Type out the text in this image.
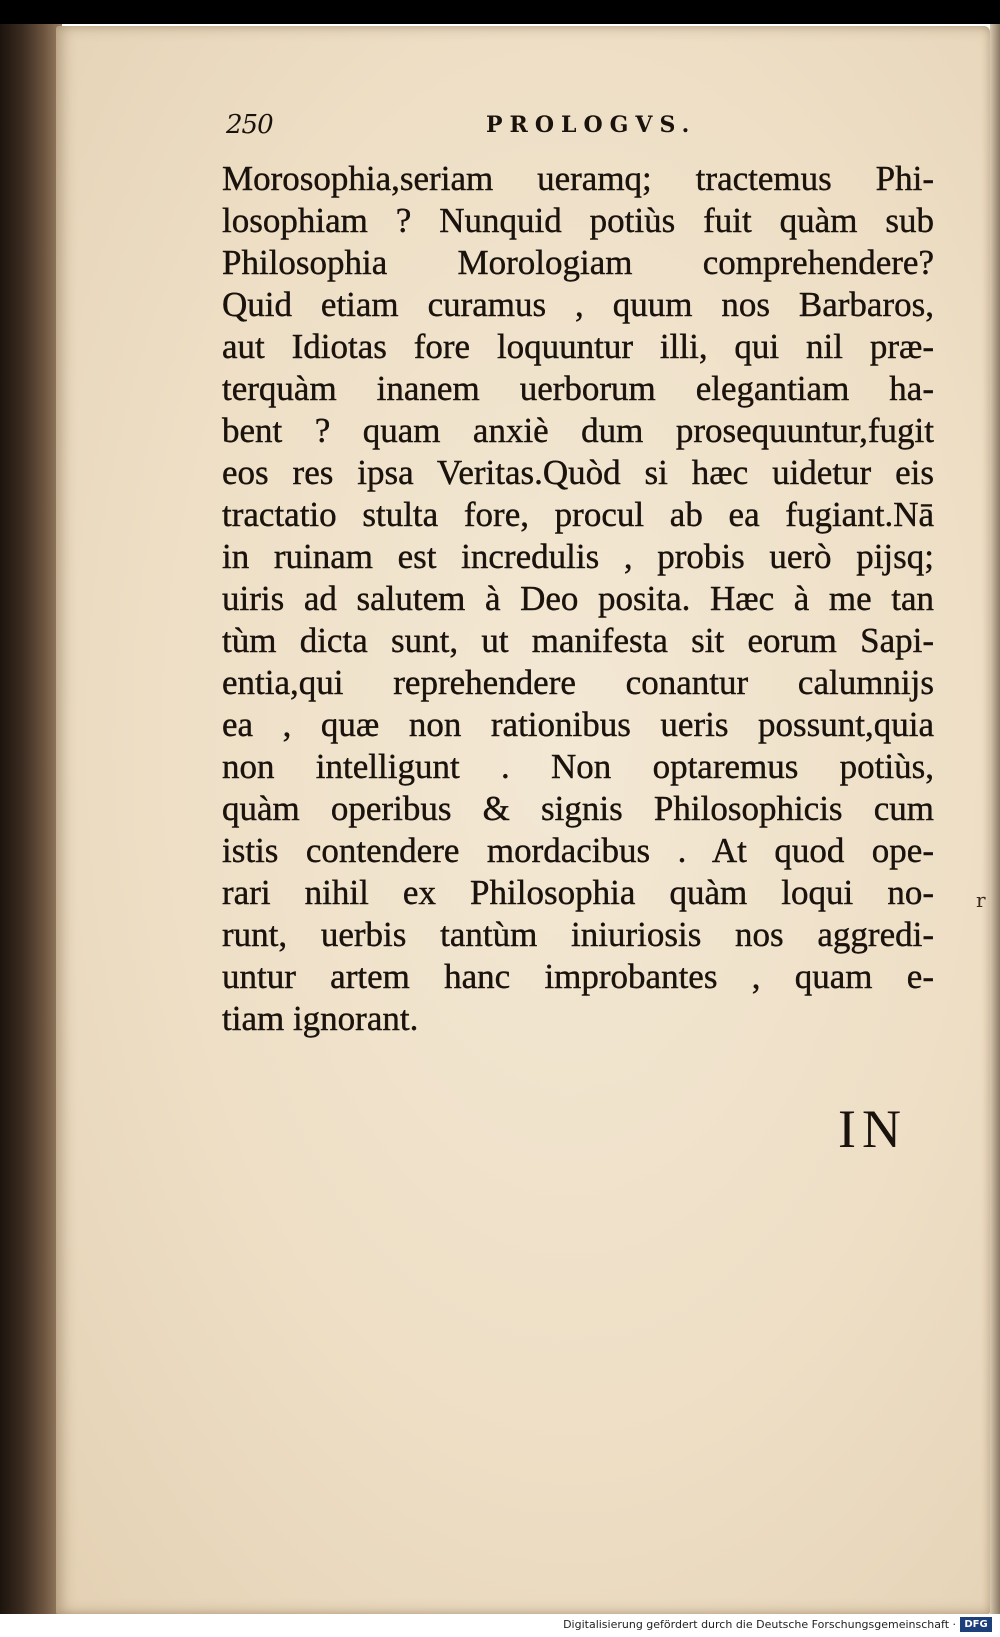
250	PROLOGVS.
Morosophia,seriam ueramq; tractemus Phi-
losophiam ? Nunquid potiùs fuit quàm sub
Philosophia Morologiam comprehendere?
Quid etiam curamus , quum nos Barbaros,
aut Idiotas fore loquuntur illi, qui nil præ-
terquàm inanem uerborum elegantiam ha-
bent ? quam anxiè dum prosequuntur,fugit
eos res ipsa Veritas.Quòd si hæc uidetur eis
tractatio stulta fore, procul ab ea fugiant.Nā
in ruinam est incredulis , probis uerò pijsq;
uiris ad salutem à Deo posita. Hæc à me tan
tùm dicta sunt, ut manifesta sit eorum Sapi-
entia,qui reprehendere conantur calumnijs
ea , quæ non rationibus ueris possunt,quia
non intelligunt . Non optaremus potiùs,
quàm operibus & signis Philosophicis cum
istis contendere mordacibus . At quod ope-
rari nihil ex Philosophia quàm loqui no-
runt, uerbis tantùm iniuriosis nos aggredi-
untur artem hanc improbantes , quam e-
tiam ignorant.
IN
r
Digitalisierung gefördert durch die Deutsche Forschungsgemeinschaft · DFG
